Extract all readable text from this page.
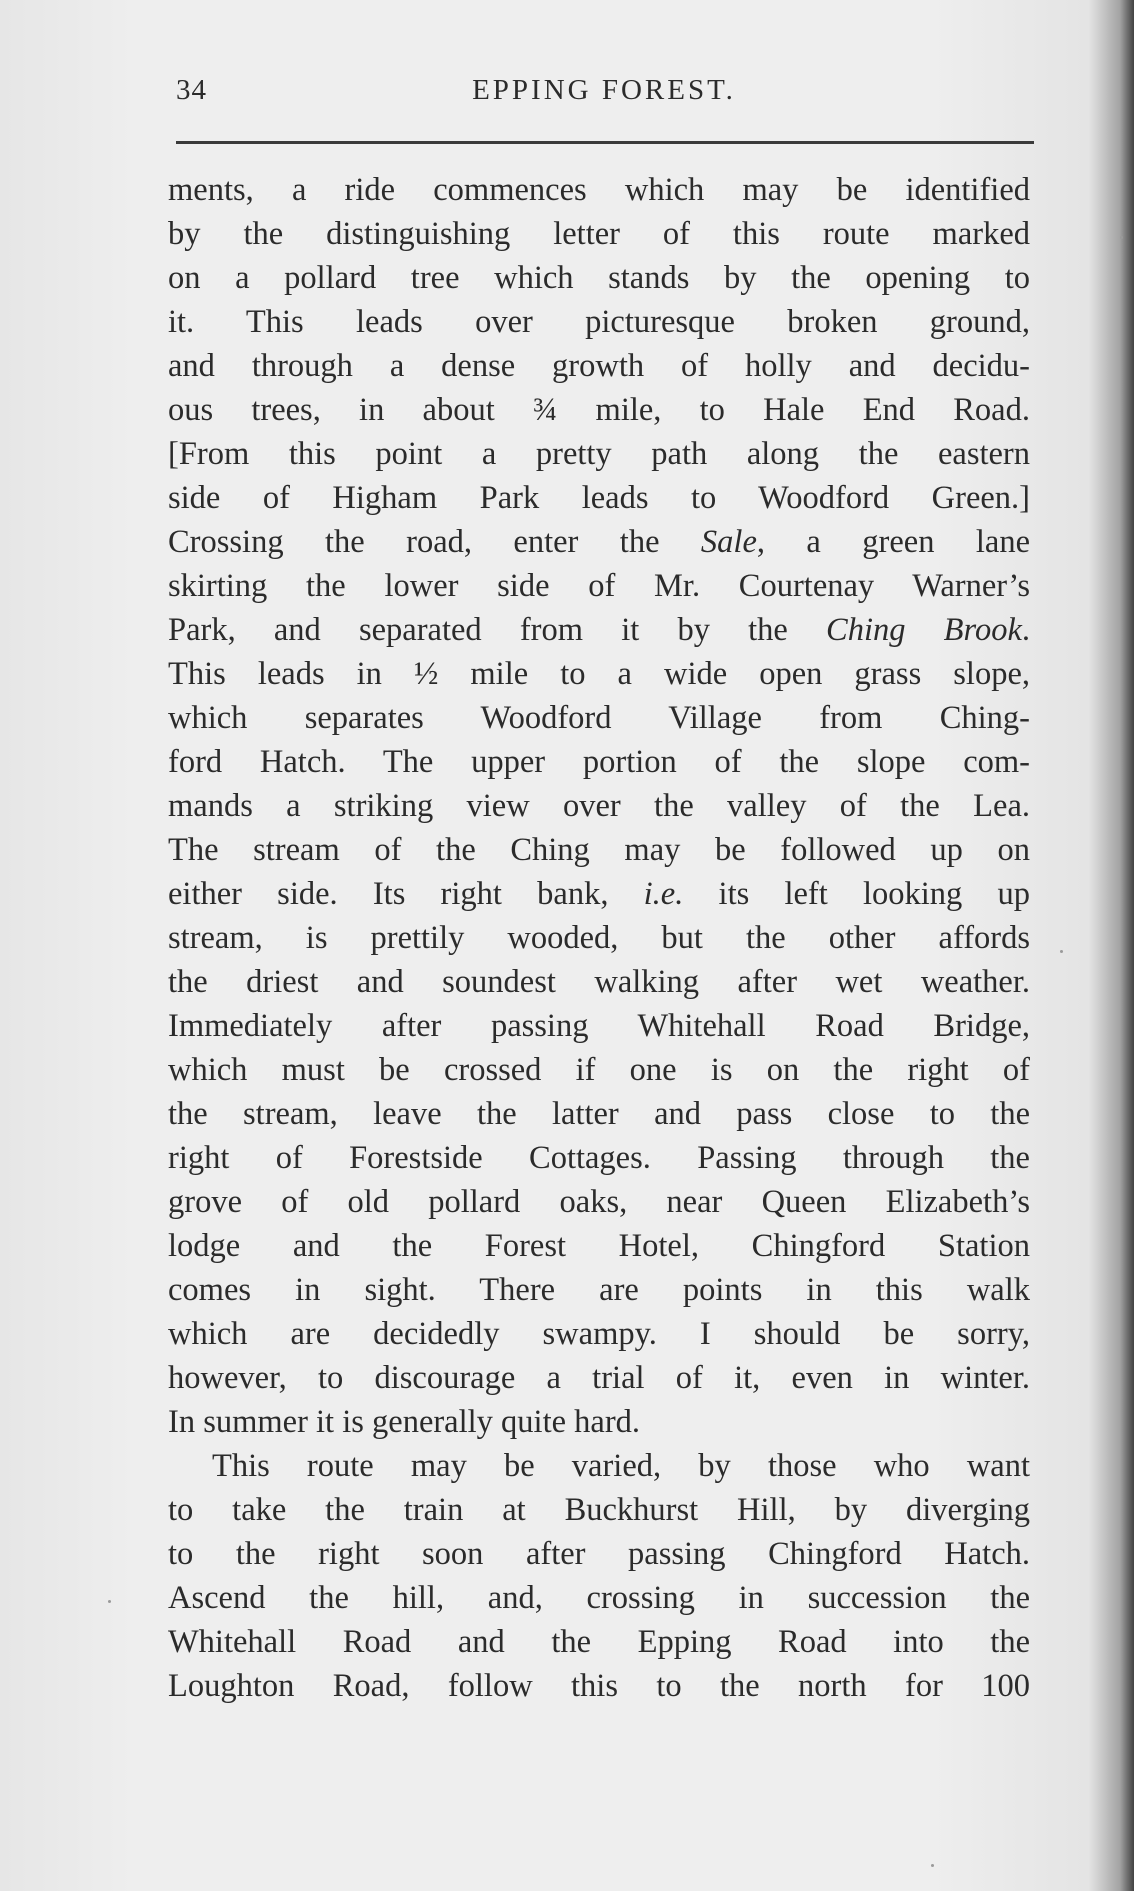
34	EPPING FOREST.
ments, a ride commences which may be identified
by the distinguishing letter of this route marked
on a pollard tree which stands by the opening to
it. This leads over picturesque broken ground,
and through a dense growth of holly and decidu-
ous trees, in about ¾ mile, to Hale End Road.
[From this point a pretty path along the eastern
side of Higham Park leads to Woodford Green.]
Crossing the road, enter the Sale, a green lane
skirting the lower side of Mr. Courtenay Warner’s
Park, and separated from it by the Ching Brook.
This leads in ½ mile to a wide open grass slope,
which separates Woodford Village from Ching-
ford Hatch. The upper portion of the slope com-
mands a striking view over the valley of the Lea.
The stream of the Ching may be followed up on
either side. Its right bank, i.e. its left looking up
stream, is prettily wooded, but the other affords
the driest and soundest walking after wet weather.
Immediately after passing Whitehall Road Bridge,
which must be crossed if one is on the right of
the stream, leave the latter and pass close to the
right of Forestside Cottages. Passing through the
grove of old pollard oaks, near Queen Elizabeth’s
lodge and the Forest Hotel, Chingford Station
comes in sight. There are points in this walk
which are decidedly swampy. I should be sorry,
however, to discourage a trial of it, even in winter.
In summer it is generally quite hard.
This route may be varied, by those who want
to take the train at Buckhurst Hill, by diverging
to the right soon after passing Chingford Hatch.
Ascend the hill, and, crossing in succession the
Whitehall Road and the Epping Road into the
Loughton Road, follow this to the north for 100
